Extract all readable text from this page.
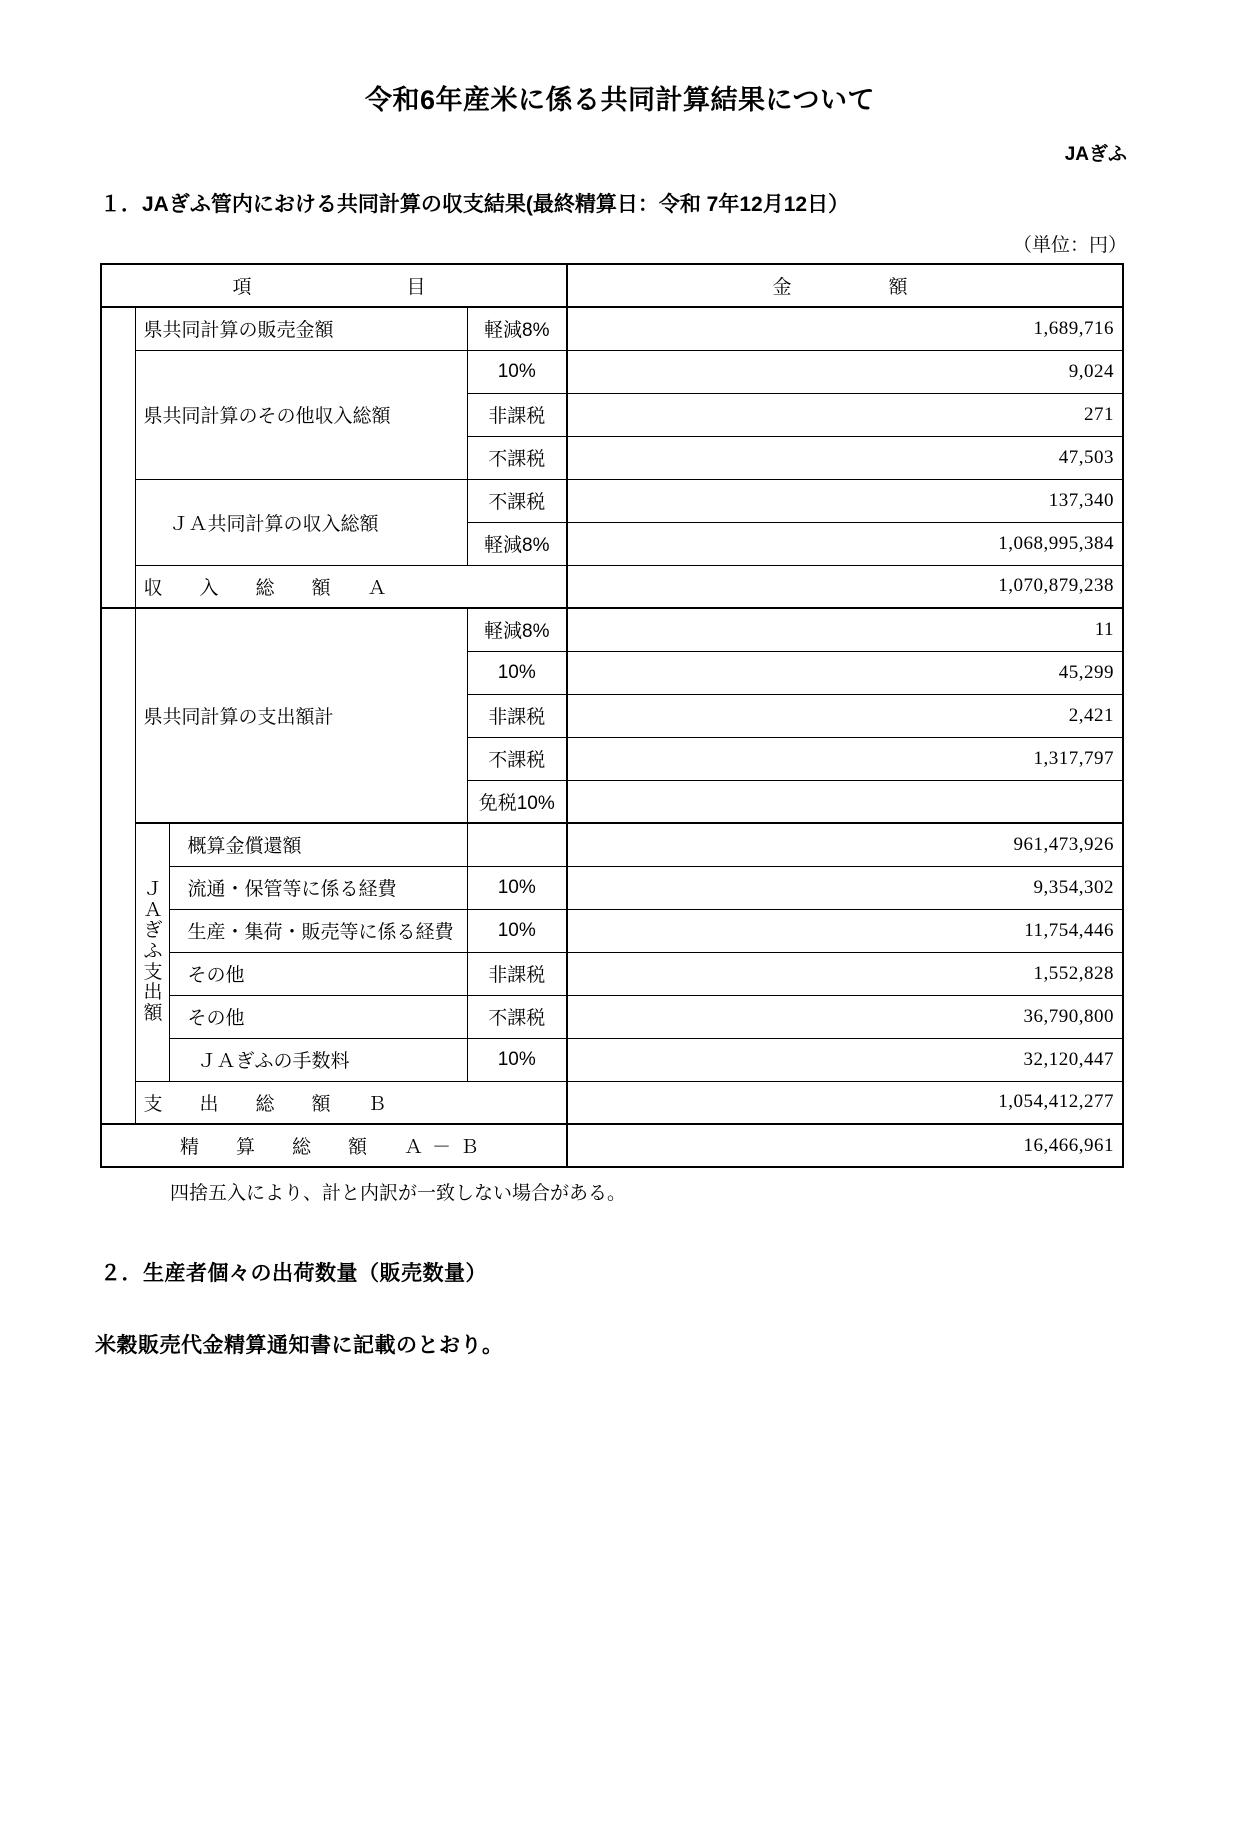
令和6年産米に係る共同計算結果について
JAぎふ
１．JAぎふ管内における共同計算の収支結果(最終精算日：令和 7年12月12日）
（単位：円）
項　　　　　目				金　　　額
	県共同計算の販売金額		軽減8%	1,689,716
	県共同計算のその他収入総額		10%	9,024
			非課税	271
			不課税	47,503
	ＪＡ共同計算の収入総額		不課税	137,340
			軽減8%	1,068,995,384
	収　入　総　額　Ａ			1,070,879,238
	県共同計算の支出額計		軽減8%	11
			10%	45,299
			非課税	2,421
			不課税	1,317,797
			免税10%	

Ｊ
Ａ
ぎ
ふ
支
出
額
	概算金償還額		961,473,926
		流通・保管等に係る経費	10%	9,354,302
		生産・集荷・販売等に係る経費	10%	11,754,446
		その他	非課税	1,552,828
		その他	不課税	36,790,800
		ＪＡぎふの手数料	10%	32,120,447
	支　出　総　額　Ｂ			1,054,412,277
精　算　総　額　Ａ－Ｂ				16,466,961
四捨五入により、計と内訳が一致しない場合がある。
２．生産者個々の出荷数量（販売数量）
米穀販売代金精算通知書に記載のとおり。
